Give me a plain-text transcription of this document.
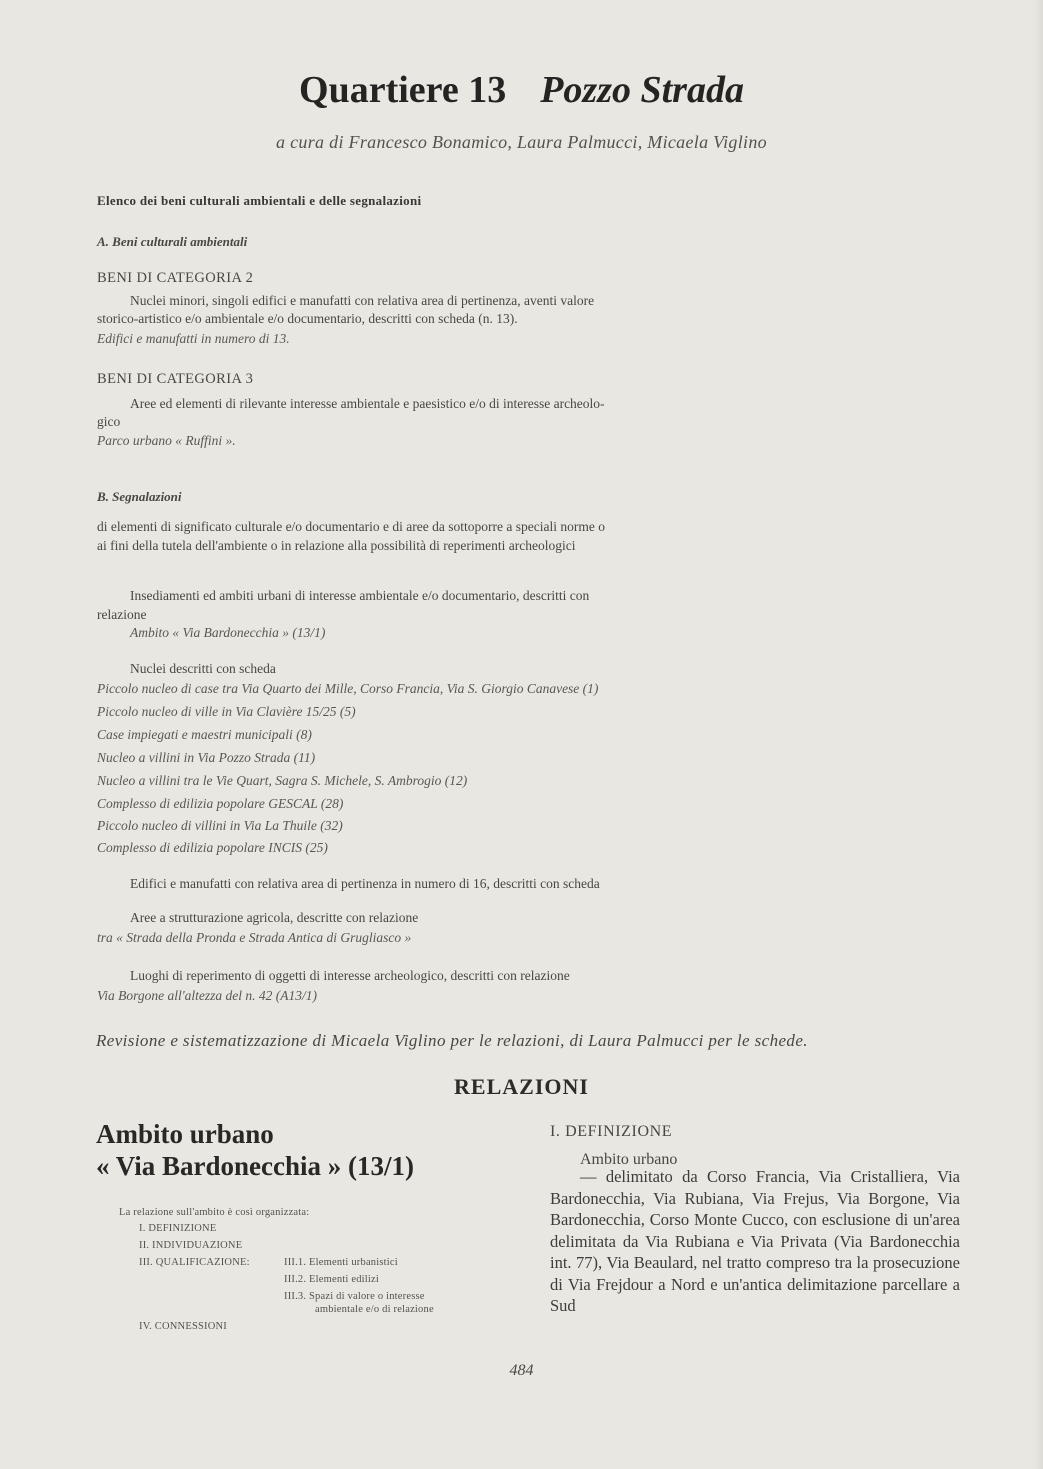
Quartiere 13 Pozzo Strada
a cura di Francesco Bonamico, Laura Palmucci, Micaela Viglino
Elenco dei beni culturali ambientali e delle segnalazioni
A. Beni culturali ambientali
BENI DI CATEGORIA 2
Nuclei minori, singoli edifici e manufatti con relativa area di pertinenza, aventi valore
storico-artistico e/o ambientale e/o documentario, descritti con scheda (n. 13).
Edifici e manufatti in numero di 13.
BENI DI CATEGORIA 3
Aree ed elementi di rilevante interesse ambientale e paesistico e/o di interesse archeolo-
gico
Parco urbano « Ruffini ».
B. Segnalazioni
di elementi di significato culturale e/o documentario e di aree da sottoporre a speciali norme o
ai fini della tutela dell'ambiente o in relazione alla possibilità di reperimenti archeologici
Insediamenti ed ambiti urbani di interesse ambientale e/o documentario, descritti con
relazione
Ambito « Via Bardonecchia » (13/1)
Nuclei descritti con scheda
Piccolo nucleo di case tra Via Quarto dei Mille, Corso Francia, Via S. Giorgio Canavese (1)
Piccolo nucleo di ville in Via Clavière 15/25 (5)
Case impiegati e maestri municipali (8)
Nucleo a villini in Via Pozzo Strada (11)
Nucleo a villini tra le Vie Quart, Sagra S. Michele, S. Ambrogio (12)
Complesso di edilizia popolare GESCAL (28)
Piccolo nucleo di villini in Via La Thuile (32)
Complesso di edilizia popolare INCIS (25)
Edifici e manufatti con relativa area di pertinenza in numero di 16, descritti con scheda
Aree a strutturazione agricola, descritte con relazione
tra « Strada della Pronda e Strada Antica di Grugliasco »
Luoghi di reperimento di oggetti di interesse archeologico, descritti con relazione
Via Borgone all'altezza del n. 42 (A13/1)
Revisione e sistematizzazione di Micaela Viglino per le relazioni, di Laura Palmucci per le schede.
RELAZIONI
Ambito urbano
« Via Bardonecchia » (13/1)
La relazione sull'ambito è così organizzata:
I. DEFINIZIONE
II. INDIVIDUAZIONE
III. QUALIFICAZIONE:	III.1. Elementi urbanistici
III.2. Elementi edilizi
III.3. Spazi di valore o interesse
ambientale e/o di relazione
IV. CONNESSIONI
I. DEFINIZIONE
Ambito urbano
— delimitato da Corso Francia, Via Cristalliera, Via Bardonecchia, Via Rubiana, Via Frejus, Via Borgone, Via Bardonecchia, Corso Monte Cucco, con esclusione di un'area delimitata da Via Rubiana e Via Privata (Via Bardonecchia int. 77), Via Beaulard, nel tratto compreso tra la prosecuzione di Via Frejdour a Nord e un'antica delimitazione parcellare a Sud
484
